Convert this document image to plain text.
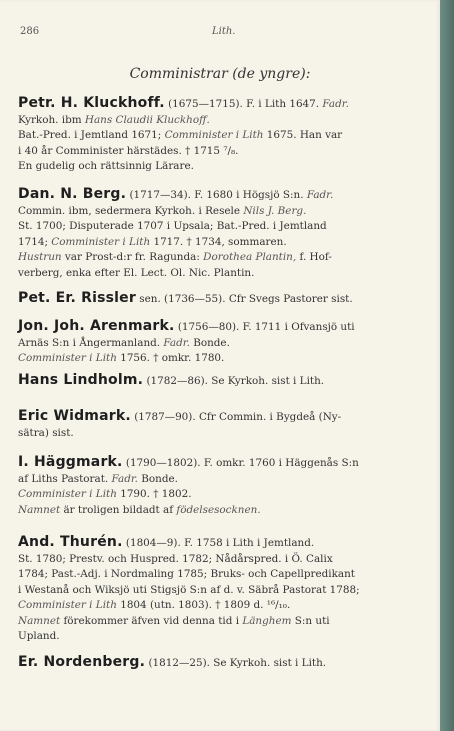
286	Lith.
Comministrar (de yngre):

Petr. H. Kluckhoff. (1675—1715). F. i Lith 1647. Fadr.

Kyrkoh. ibm Hans Claudii Kluckhoff.

Bat.-Pred. i Jemtland 1671; Comminister i Lith 1675. Han var

i 40 år Comminister härstädes. † 1715 ⁷/₈.

En gudelig och rättsinnig Lärare.

Dan. N. Berg. (1717—34). F. 1680 i Högsjö S:n. Fadr.

Commin. ibm, sedermera Kyrkoh. i Resele Nils J. Berg.

St. 1700; Disputerade 1707 i Upsala; Bat.-Pred. i Jemtland

1714; Comminister i Lith 1717. † 1734, sommaren.

Hustrun var Prost-d:r fr. Ragunda: Dorothea Plantin, f. Hof-

verberg, enka efter El. Lect. Ol. Nic. Plantin.

Pet. Er. Rissler sen. (1736—55). Cfr Svegs Pastorer sist.

Jon. Joh. Arenmark. (1756—80). F. 1711 i Ofvansjö uti

Arnäs S:n i Ångermanland. Fadr. Bonde.

Comminister i Lith 1756. † omkr. 1780.

Hans Lindholm. (1782—86). Se Kyrkoh. sist i Lith.

Eric Widmark. (1787—90). Cfr Commin. i Bygdeå (Ny-

sätra) sist.

I. Häggmark. (1790—1802). F. omkr. 1760 i Häggenås S:n

af Liths Pastorat. Fadr. Bonde.

Comminister i Lith 1790. † 1802.

Namnet är troligen bildadt af födelsesocknen.

And. Thurén. (1804—9). F. 1758 i Lith i Jemtland.

St. 1780; Prestv. och Huspred. 1782; Nådårspred. i Ö. Calix

1784; Past.-Adj. i Nordmaling 1785; Bruks- och Capellpredikant

i Westanå och Wiksjö uti Stigsjö S:n af d. v. Säbrå Pastorat 1788;

Comminister i Lith 1804 (utn. 1803). † 1809 d. ¹⁶/₁₀.

Namnet förekommer äfven vid denna tid i Länghem S:n uti

Upland.

Er. Nordenberg. (1812—25). Se Kyrkoh. sist i Lith.
